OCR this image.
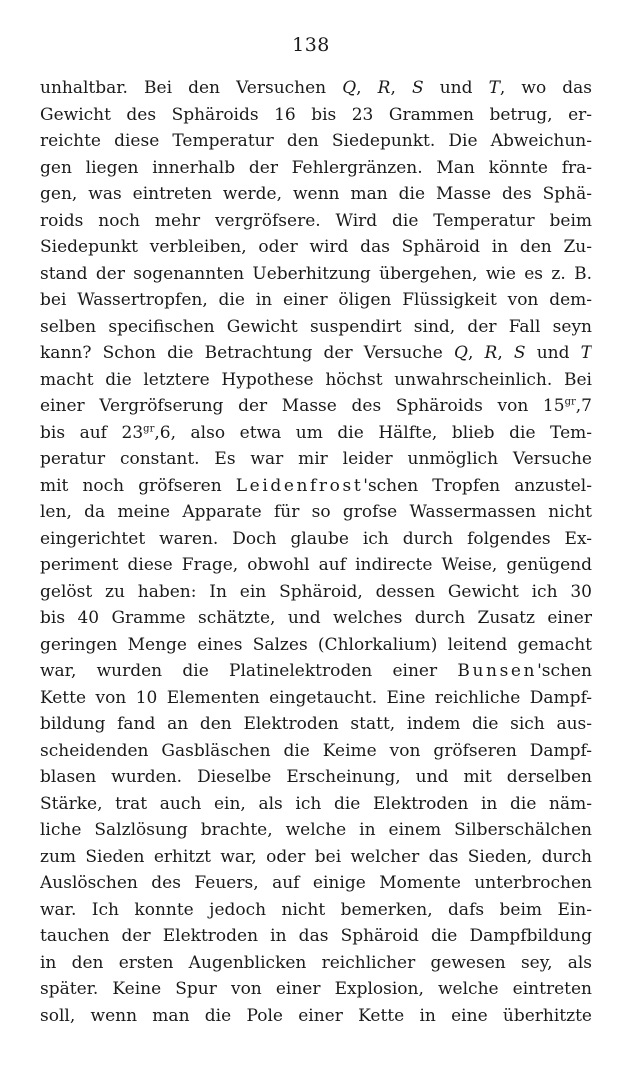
138
unhaltbar. Bei den Versuchen Q, R, S und T, wo das
Gewicht des Sphäroids 16 bis 23 Grammen betrug, er-
reichte diese Temperatur den Siedepunkt. Die Abweichun-
gen liegen innerhalb der Fehlergränzen. Man könnte fra-
gen, was eintreten werde, wenn man die Masse des Sphä-
roids noch mehr vergröfsere. Wird die Temperatur beim
Siedepunkt verbleiben, oder wird das Sphäroid in den Zu-
stand der sogenannten Ueberhitzung übergehen, wie es z. B.
bei Wassertropfen, die in einer öligen Flüssigkeit von dem-
selben specifischen Gewicht suspendirt sind, der Fall seyn
kann? Schon die Betrachtung der Versuche Q, R, S und T
macht die letztere Hypothese höchst unwahrscheinlich. Bei
einer Vergröfserung der Masse des Sphäroids von $15^{gr},7$
bis auf $23^{gr},6$, also etwa um die Hälfte, blieb die Tem-
peratur constant. Es war mir leider unmöglich Versuche
mit noch gröfseren Leidenfrost'schen Tropfen anzustel-
len, da meine Apparate für so grofse Wassermassen nicht
eingerichtet waren. Doch glaube ich durch folgendes Ex-
periment diese Frage, obwohl auf indirecte Weise, genügend
gelöst zu haben: In ein Sphäroid, dessen Gewicht ich 30
bis 40 Gramme schätzte, und welches durch Zusatz einer
geringen Menge eines Salzes (Chlorkalium) leitend gemacht
war, wurden die Platinelektroden einer Bunsen'schen
Kette von 10 Elementen eingetaucht. Eine reichliche Dampf-
bildung fand an den Elektroden statt, indem die sich aus-
scheidenden Gasbläschen die Keime von gröfseren Dampf-
blasen wurden. Dieselbe Erscheinung, und mit derselben
Stärke, trat auch ein, als ich die Elektroden in die näm-
liche Salzlösung brachte, welche in einem Silberschälchen
zum Sieden erhitzt war, oder bei welcher das Sieden, durch
Auslöschen des Feuers, auf einige Momente unterbrochen
war. Ich konnte jedoch nicht bemerken, dafs beim Ein-
tauchen der Elektroden in das Sphäroid die Dampfbildung
in den ersten Augenblicken reichlicher gewesen sey, als
später. Keine Spur von einer Explosion, welche eintreten
soll, wenn man die Pole einer Kette in eine überhitzte
